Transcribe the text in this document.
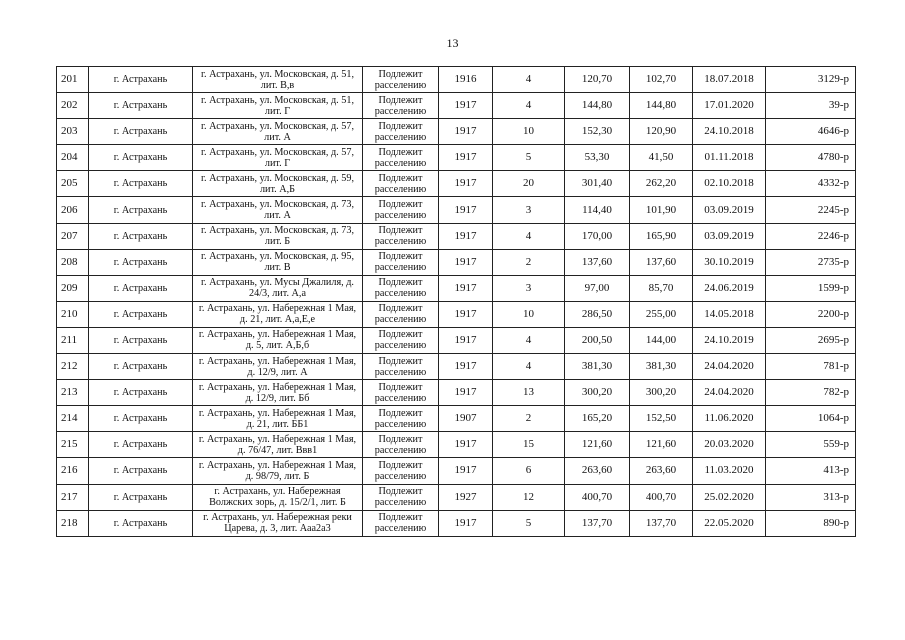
13
201	г. Астрахань	г. Астрахань, ул. Московская, д. 51, лит. В,в	Подлежит расселению	1916	4	120,70	102,70	18.07.2018	3129-р
202	г. Астрахань	г. Астрахань, ул. Московская, д. 51, лит. Г	Подлежит расселению	1917	4	144,80	144,80	17.01.2020	39-р
203	г. Астрахань	г. Астрахань, ул. Московская, д. 57, лит. А	Подлежит расселению	1917	10	152,30	120,90	24.10.2018	4646-р
204	г. Астрахань	г. Астрахань, ул. Московская, д. 57, лит. Г	Подлежит расселению	1917	5	53,30	41,50	01.11.2018	4780-р
205	г. Астрахань	г. Астрахань, ул. Московская, д. 59, лит. А,Б	Подлежит расселению	1917	20	301,40	262,20	02.10.2018	4332-р
206	г. Астрахань	г. Астрахань, ул. Московская, д. 73, лит. А	Подлежит расселению	1917	3	114,40	101,90	03.09.2019	2245-р
207	г. Астрахань	г. Астрахань, ул. Московская, д. 73, лит. Б	Подлежит расселению	1917	4	170,00	165,90	03.09.2019	2246-р
208	г. Астрахань	г. Астрахань, ул. Московская, д. 95, лит. В	Подлежит расселению	1917	2	137,60	137,60	30.10.2019	2735-р
209	г. Астрахань	г. Астрахань, ул. Мусы Джалиля, д. 24/3, лит. А,а	Подлежит расселению	1917	3	97,00	85,70	24.06.2019	1599-р
210	г. Астрахань	г. Астрахань, ул. Набережная 1 Мая, д. 21, лит. А,а,Е,е	Подлежит расселению	1917	10	286,50	255,00	14.05.2018	2200-р
211	г. Астрахань	г. Астрахань, ул. Набережная 1 Мая, д. 5, лит. А,Б,б	Подлежит расселению	1917	4	200,50	144,00	24.10.2019	2695-р
212	г. Астрахань	г. Астрахань, ул. Набережная 1 Мая, д. 12/9, лит. А	Подлежит расселению	1917	4	381,30	381,30	24.04.2020	781-р
213	г. Астрахань	г. Астрахань, ул. Набережная 1 Мая, д. 12/9, лит. Бб	Подлежит расселению	1917	13	300,20	300,20	24.04.2020	782-р
214	г. Астрахань	г. Астрахань, ул. Набережная 1 Мая, д. 21, лит. ББ1	Подлежит расселению	1907	2	165,20	152,50	11.06.2020	1064-р
215	г. Астрахань	г. Астрахань, ул. Набережная 1 Мая, д. 76/47, лит. Ввв1	Подлежит расселению	1917	15	121,60	121,60	20.03.2020	559-р
216	г. Астрахань	г. Астрахань, ул. Набережная 1 Мая, д. 98/79, лит. Б	Подлежит расселению	1917	6	263,60	263,60	11.03.2020	413-р
217	г. Астрахань	г. Астрахань, ул. Набережная Волжских зорь, д. 15/2/1, лит. Б	Подлежит расселению	1927	12	400,70	400,70	25.02.2020	313-р
218	г. Астрахань	г. Астрахань, ул. Набережная реки Царева, д. 3, лит. Ааа2а3	Подлежит расселению	1917	5	137,70	137,70	22.05.2020	890-р
